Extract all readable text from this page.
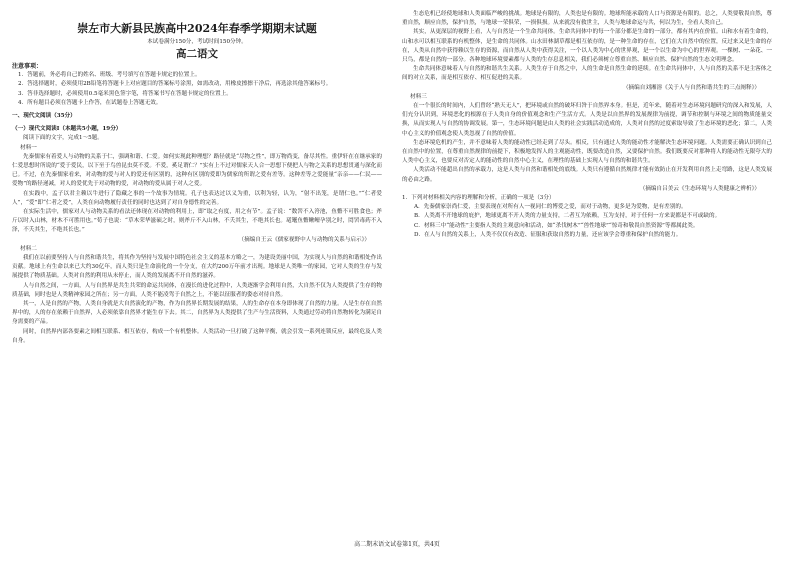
崇左市大新县民族高中2024年春季学期期末试题
本试卷满分150分，考试时间150分钟。
高二语文
注意事项：
1．答题前，务必将自己的姓名、班级、考号填写在答题卡规定的位置上。
2．答选择题时，必须使用2B铅笔将答题卡上对应题目的答案标号涂黑，如需改动，用橡皮擦擦干净后，再选涂其他答案标号。
3．答非选择题时，必须使用0.5毫米黑色签字笔，将答案书写在答题卡规定的位置上。
4．所有题目必须在答题卡上作答，在试题卷上答题无效。
一、现代文阅读（35分）
（一）现代文阅读Ⅰ（本题共5小题，19分）
阅读下面的文字，完成1～5题。
材料一
先秦儒家有着爱人与动物的关系于仁，强调和谐、仁爱。如何实现此种理想？路径就是“尽物之性”，即万物尚变，备尽其性。重伊轩在在继承家的仁爱思想时所说的“爱于爱民，以下至于鸟兽昆虫莫不爱。不爱，奚足谓仁？”实有上不过对儒家天人合一思想下便把人与物之关系的思想贯通与深化而已。不过，在先秦儒家看来，对动物的爱与对人的爱还有区别的，这种有区别的爱即为儒家的所谓之爱有差等。这种差等之爱能量“亲亲——仁民——爱物”的路径递减，对人的爱优先于对动物的爱，对动物的爱从属于对人之爱。
在实践中，孟子以君主赖以牛进行了隐藏之事的一个故事为情境。孔子也表达过以义为重，以利为轻，认为，“射不出笼，是谓仁也。”“仁者爱人”，“爱”即“仁者之爱”，人类在向动物履行责任的同时也达到了对自身德性的完善。
在实际生活中，儒家对人与动物关系的看法还体现在对动物的利用上，即“取之有度，用之有节”。孟子说：“数罟不入洿池，鱼鳖不可胜食也；斧斤以时入山林，材木不可胜用也。”荀子也说：“草木荣华滋硕之时，则斧斤不入山林，不夭其生，不绝其长也。鼋鼍鱼鳖鳅鳣孕别之时，罔罟毒药不入泽，不夭其生，不绝其长也。”
（摘编自王云《儒家视野中人与动物的关系与启示》）
材料二
我们在以前要坚持人与自然和谐共生，将其作为坚持与发展中国特色社会主义的基本方略之一，为建设美丽中国，为实现人与自然的和谐相处作出贡献。地球上有生命以来已大约30亿年，而人类只是生命演化的一个分支，在大约200万年前才出现。地球是人类唯一的家园，它对人类的生存与发展提供了物质基础。人类对自然的利用从未停止，而人类的发展离不开自然的滋养。
人与自然之间，一方面，人与自然界是共生共荣的命运共同体，在漫长的进化过程中，人类逐渐学会利用自然，大自然不仅为人类提供了生存的物质基础，同时也是人类精神家园之所在；另一方面，人类不能凌驾于自然之上，不能以征服者的姿态对待自然。
其一，人是自然的产物，人类自身就是大自然演化的产物，作为自然界长期发展的结果，人的生命存在本身即体现了自然的力量。人是生存在自然界中的，人的存在依赖于自然界，人必须依靠自然界才能生存下去。其二，自然界为人类提供了生产与生活资料，人类通过劳动将自然物转化为满足自身需要的产品。
同时，自然界内部各要素之间相互联系、相互依存，构成一个有机整体。人类活动一旦打破了这种平衡，就会引发一系列连锁反应，最终危及人类自身。
生态危机已经使地球和人类面临严峻的挑战。地球是有限的，人类也是有限的。地球所能承载的人口与资源是有限的。总之，人类要敬畏自然，尊重自然，顺应自然，保护自然，与地球一荣俱荣，一损俱损。从来就没有救世主，人类与地球命运与共，何以为生，全看人类自己。
其实，从更深层的视野上看，人与自然是一个生命共同体。生命共同体中的每一个部分都是生命的一部分，都有其内在价值。山和水有着生命的，山和水可以相互联系的有机整体，是生命的共同体。山水田林湖草都是相互依存的，是一种生命的存在，它们在大自然中的位置，反过来又是生命的存在，人类从自然中获得赖以生存的资源，而自然从人类中获得关注，一个以人类为中心的世界观，是一个以生命为中心的世界观。一棵树、一朵花、一只鸟，都是自然的一部分。各种地球环境要素都与人类的生存息息相关，我们必须树立尊重自然、顺应自然、保护自然的生态文明理念。
生命共同体意味着人与自然的和谐共生关系。人类生存于自然之中，人的生命是自然生命的延续。在生命共同体中，人与自然的关系不是主客体之间的对立关系，而是相互依存、相互促进的关系。
（摘编自刘湘溶《关于人与自然和谐共生的三点阐释》）
材料三
在一个很长的时间内，人们曾经“熟天无人”，把环境或自然的破坏归咎于自然界本身。但是，近年来，随着对生态环境问题研究的深入和发展，人们充分认识到，环境恶化的根源在于人类自身的价值观念和生产生活方式。人类是以自然界的发展规律为前提，调节和控制与环境之间的物质能量交换，从而实现人与自然的协调发展。第一，生态环境问题是由人类的社会实践活动造成的，人类对自然的过度索取导致了生态环境的恶化；第二，人类中心主义的价值观念使人类忽视了自然的价值。
生态环境危机的产生，并不意味着人类的能动性已经走到了尽头。相反，只有通过人类的能动性才能解决生态环境问题。人类需要正确认识到自己在自然中的位置，在尊重自然规律的前提下，积极地发挥人的主观能动性，既要改造自然，又要保护自然。我们既要反对那种将人的能动性无限夸大的人类中心主义，也要反对否定人的能动性的自然中心主义，在理性的基础上实现人与自然的和谐共生。
人类活动不能超出自然的承载力，这是人类与自然和谐相处的底线。人类只有遵循自然规律才能有效防止在开发利用自然上走弯路，这是人类发展的必由之路。
（摘编自吕美云《生态环境与人类健康之辨析》）
1．下列对材料相关内容的理解和分析，正确的一项是（3分）
A．先秦儒家崇尚仁爱，主要表现在对所有人一视同仁的博爱之爱，而对于动物，更多是为爱物，是有差别的。
B．人类离不开地球的庇护，地球更离不开人类的力量支持，二者互为依赖，互为支持，对于任何一方来说都是不可或缺的。
C．材料三中“能动性”主要指人类的主观意向和活动，如“杀伐树木”“兽性地球”“惊奇和敬畏自然资源”等都属此类。
D．在人与自然的关系上，人类不仅仅有改造、征服和获取自然的力量，还应该学会尊重和保护自然的能力。
高二期末语文试卷第1页，共4页
